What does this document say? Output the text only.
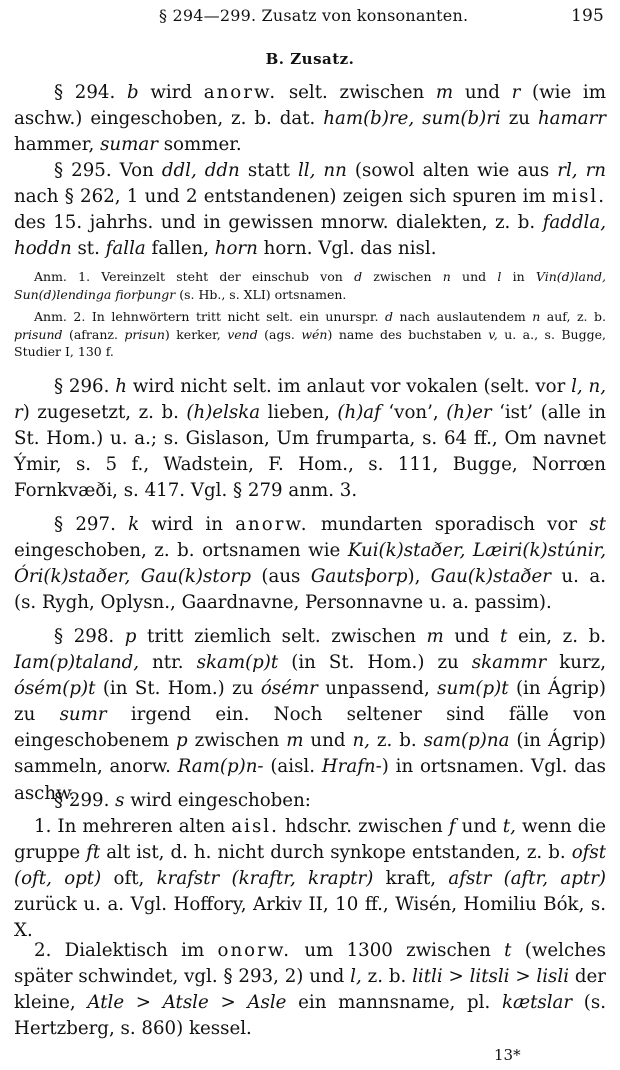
§ 294—299. Zusatz von konsonanten.	195
B. Zusatz.

§ 294. b wird anorw. selt. zwischen m und r (wie im aschw.) eingeschoben, z. b. dat. ham(b)re, sum(b)ri zu hamarr hammer, sumar sommer.

§ 295. Von ddl, ddn statt ll, nn (sowol alten wie aus rl, rn nach § 262, 1 und 2 entstandenen) zeigen sich spuren im misl. des 15. jahrhs. und in gewissen mnorw. dialekten, z. b. faddla, hoddn st. falla fallen, horn horn. Vgl. das nisl.

Anm. 1. Vereinzelt steht der einschub von d zwischen n und l in Vin(d)land, Sun(d)lendinga fiorþungr (s. Hb., s. XLI) ortsnamen.

Anm. 2. In lehnwörtern tritt nicht selt. ein unurspr. d nach auslautendem n auf, z. b. prisund (afranz. prisun) kerker, vend (ags. wén) name des buchstaben v, u. a., s. Bugge, Studier I, 130 f.

§ 296. h wird nicht selt. im anlaut vor vokalen (selt. vor l, n, r) zugesetzt, z. b. (h)elska lieben, (h)af ‘von’, (h)er ‘ist’ (alle in St. Hom.) u. a.; s. Gislason, Um frumparta, s. 64 ff., Om navnet Ýmir, s. 5 f., Wadstein, F. Hom., s. 111, Bugge, Norrœn Fornkvæði, s. 417. Vgl. § 279 anm. 3.

§ 297. k wird in anorw. mundarten sporadisch vor st eingeschoben, z. b. ortsnamen wie Kui(k)staðer, Læiri(k)stúnir, Óri(k)staðer, Gau(k)storp (aus Gautsþorp), Gau(k)staðer u. a. (s. Rygh, Oplysn., Gaardnavne, Personnavne u. a. passim).

§ 298. p tritt ziemlich selt. zwischen m und t ein, z. b. Iam(p)taland, ntr. skam(p)t (in St. Hom.) zu skammr kurz, ósém(p)t (in St. Hom.) zu ósémr unpassend, sum(p)t (in Ágrip) zu sumr irgend ein. Noch seltener sind fälle von eingeschobenem p zwischen m und n, z. b. sam(p)na (in Ágrip) sammeln, anorw. Ram(p)n- (aisl. Hrafn-) in ortsnamen. Vgl. das aschw.

§ 299. s wird eingeschoben:

1. In mehreren alten aisl. hdschr. zwischen f und t, wenn die gruppe ft alt ist, d. h. nicht durch synkope entstanden, z. b. ofst (oft, opt) oft, krafstr (kraftr, kraptr) kraft, afstr (aftr, aptr) zurück u. a. Vgl. Hoffory, Arkiv II, 10 ff., Wisén, Homiliu Bók, s. X.

2. Dialektisch im onorw. um 1300 zwischen t (welches später schwindet, vgl. § 293, 2) und l, z. b. litli > litsli > lisli der kleine, Atle > Atsle > Asle ein mannsname, pl. kætslar (s. Hertzberg, s. 860) kessel.

13*
